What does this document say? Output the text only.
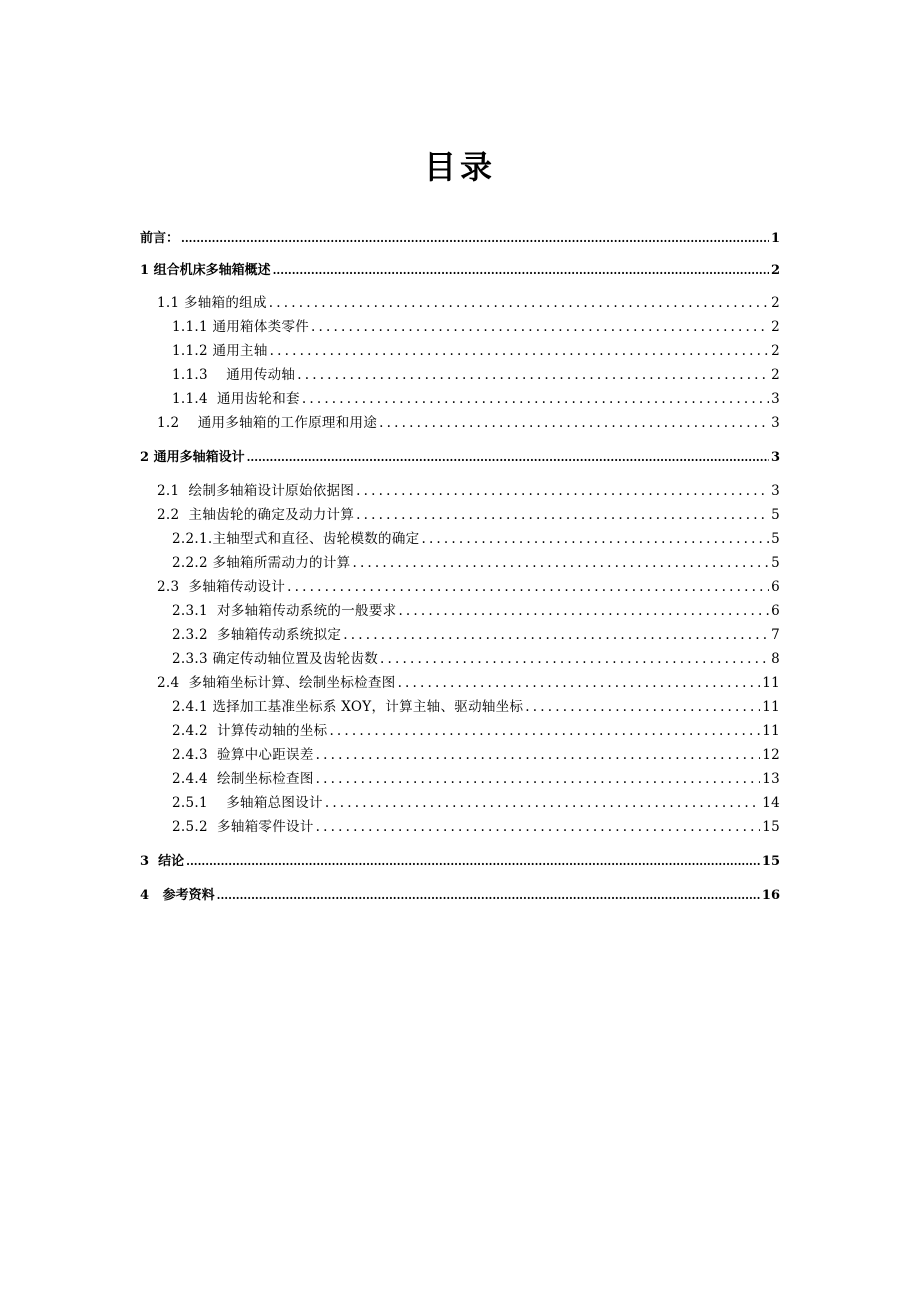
目录
前言： .....	1
1 组合机床多轴箱概述 .....	2
1.1 多轴箱的组成 .....	2
1.1.1 通用箱体类零件 .....	2
1.1.2 通用主轴 .....	2
1.1.3    通用传动轴 .....	2
1.1.4  通用齿轮和套 .....	3
1.2    通用多轴箱的工作原理和用途 .....	3
2 通用多轴箱设计 .....	3
2.1  绘制多轴箱设计原始依据图 .....	3
2.2  主轴齿轮的确定及动力计算 .....	5
2.2.1.主轴型式和直径、齿轮模数的确定 .....	5
2.2.2 多轴箱所需动力的计算 .....	5
2.3  多轴箱传动设计 .....	6
2.3.1  对多轴箱传动系统的一般要求 .....	6
2.3.2  多轴箱传动系统拟定 .....	7
2.3.3 确定传动轴位置及齿轮齿数 .....	8
2.4  多轴箱坐标计算、绘制坐标检查图 .....	11
2.4.1 选择加工基准坐标系 XOY，计算主轴、驱动轴坐标 .....	11
2.4.2  计算传动轴的坐标 .....	11
2.4.3  验算中心距误差 .....	12
2.4.4  绘制坐标检查图 .....	13
2.5.1    多轴箱总图设计 .....	14
2.5.2  多轴箱零件设计 .....	15
3  结论 .....	15
4   参考资料 .....	16
